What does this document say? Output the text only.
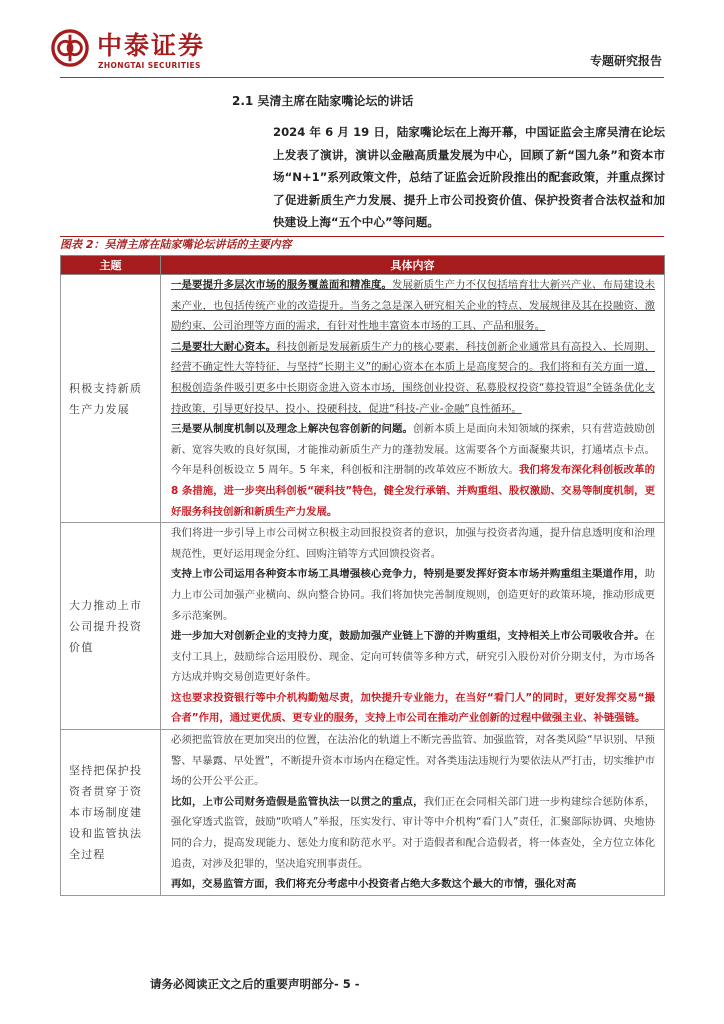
中泰证券
ZHONGTAI SECURITIES	专题研究报告
2.1 吴清主席在陆家嘴论坛的讲话
2024 年 6 月 19 日，陆家嘴论坛在上海开幕，中国证监会主席吴清在论坛上发表了演讲，演讲以金融高质量发展为中心，回顾了新“国九条”和资本市场“N+1”系列政策文件，总结了证监会近阶段推出的配套政策，并重点探讨了促进新质生产力发展、提升上市公司投资价值、保护投资者合法权益和加快建设上海“五个中心”等问题。
图表 2：吴清主席在陆家嘴论坛讲话的主要内容
主题	具体内容

积极支持新质生产力发展	一是要提升多层次市场的服务覆盖面和精准度。发展新质生产力不仅包括培育壮大新兴产业、布局建设未来产业，也包括传统产业的改造提升。当务之急是深入研究相关企业的特点、发展规律及其在投融资、激励约束、公司治理等方面的需求，有针对性地丰富资本市场的工具、产品和服务。

二是要壮大耐心资本。科技创新是发展新质生产力的核心要素，科技创新企业通常具有高投入、长周期、经营不确定性大等特征，与坚持“长期主义”的耐心资本在本质上是高度契合的。我们将和有关方面一道，积极创造条件吸引更多中长期资金进入资本市场，围绕创业投资、私募股权投资“募投管退”全链条优化支持政策，引导更好投早、投小、投硬科技，促进“科技-产业-金融”良性循环。

三是要从制度机制以及理念上解决包容创新的问题。创新本质上是面向未知领域的探索，只有营造鼓励创新、宽容失败的良好氛围，才能推动新质生产力的蓬勃发展。这需要各个方面凝聚共识，打通堵点卡点。今年是科创板设立 5 周年。5 年来，科创板和注册制的改革效应不断放大。我们将发布深化科创板改革的 8 条措施，进一步突出科创板“硬科技”特色，健全发行承销、并购重组、股权激励、交易等制度机制，更好服务科技创新和新质生产力发展。

大力推动上市公司提升投资价值	我们将进一步引导上市公司树立积极主动回报投资者的意识，加强与投资者沟通，提升信息透明度和治理规范性，更好运用现金分红、回购注销等方式回馈投资者。

支持上市公司运用各种资本市场工具增强核心竞争力，特别是要发挥好资本市场并购重组主渠道作用，助力上市公司加强产业横向、纵向整合协同。我们将加快完善制度规则，创造更好的政策环境，推动形成更多示范案例。

进一步加大对创新企业的支持力度，鼓励加强产业链上下游的并购重组，支持相关上市公司吸收合并。在支付工具上，鼓励综合运用股份、现金、定向可转债等多种方式，研究引入股份对价分期支付，为市场各方达成并购交易创造更好条件。

这也要求投资银行等中介机构勤勉尽责，加快提升专业能力，在当好“看门人”的同时，更好发挥交易“撮合者”作用，通过更优质、更专业的服务，支持上市公司在推动产业创新的过程中做强主业、补链强链。

坚持把保护投资者贯穿于资本市场制度建设和监管执法全过程	必须把监管放在更加突出的位置，在法治化的轨道上不断完善监管、加强监管，对各类风险“早识别、早预警、早暴露、早处置”，不断提升资本市场内在稳定性。对各类违法违规行为要依法从严打击，切实维护市场的公开公平公正。

比如，上市公司财务造假是监管执法一以贯之的重点，我们正在会同相关部门进一步构建综合惩防体系，强化穿透式监管，鼓励“吹哨人”举报，压实发行、审计等中介机构“看门人”责任，汇聚部际协调、央地协同的合力，提高发现能力、惩处力度和防范水平。对于造假者和配合造假者，将一体查处，全方位立体化追责，对涉及犯罪的，坚决追究刑事责任。

再如，交易监管方面，我们将充分考虑中小投资者占绝大多数这个最大的市情，强化对高

请务必阅读正文之后的重要声明部分- 5 -
